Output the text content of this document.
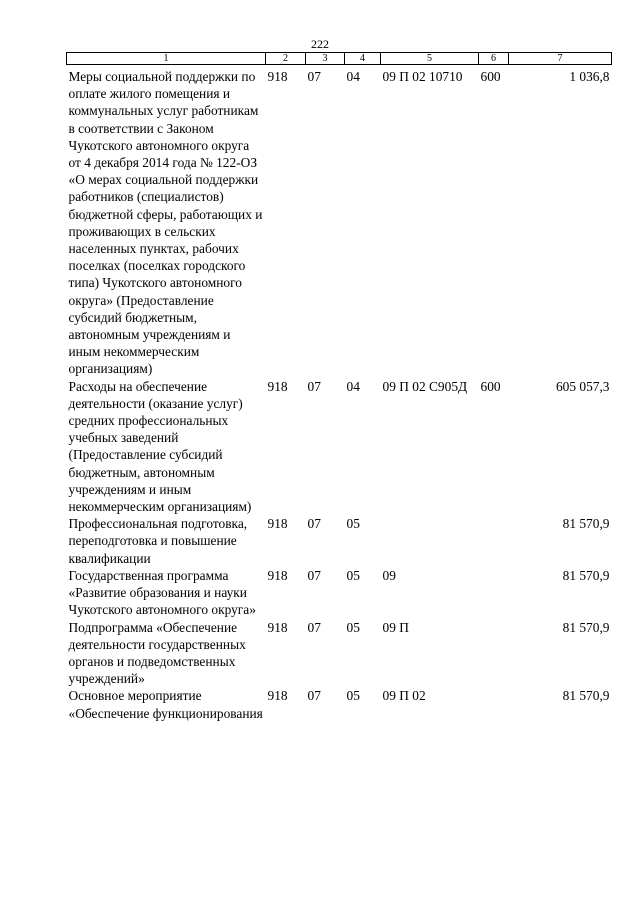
222
1	2	3	4	5	6	7
Меры социальной поддержки по оплате жилого помещения и коммунальных услуг работникам в соответствии с Законом Чукотского автономного округа от 4 декабря 2014 года № 122-ОЗ «О мерах социальной поддержки работников (специалистов) бюджетной сферы, работающих и проживающих в сельских населенных пунктах, рабочих поселках (поселках городского типа) Чукотского автономного округа» (Предоставление субсидий бюджетным, автономным учреждениям и иным некоммерческим организациям)	918	07	04	09 П 02 10710	600	1 036,8
Расходы на обеспечение деятельности (оказание услуг) средних профессиональных учебных заведений (Предоставление субсидий бюджетным, автономным учреждениям и иным некоммерческим организациям)	918	07	04	09 П 02 С905Д	600	605 057,3
Профессиональная подготовка, переподготовка и повышение квалификации	918	07	05			81 570,9
Государственная программа «Развитие образования и науки Чукотского автономного округа»	918	07	05	09		81 570,9
Подпрограмма «Обеспечение деятельности государственных органов и подведомственных учреждений»	918	07	05	09 П		81 570,9
Основное мероприятие «Обеспечение функционирования	918	07	05	09 П 02		81 570,9
